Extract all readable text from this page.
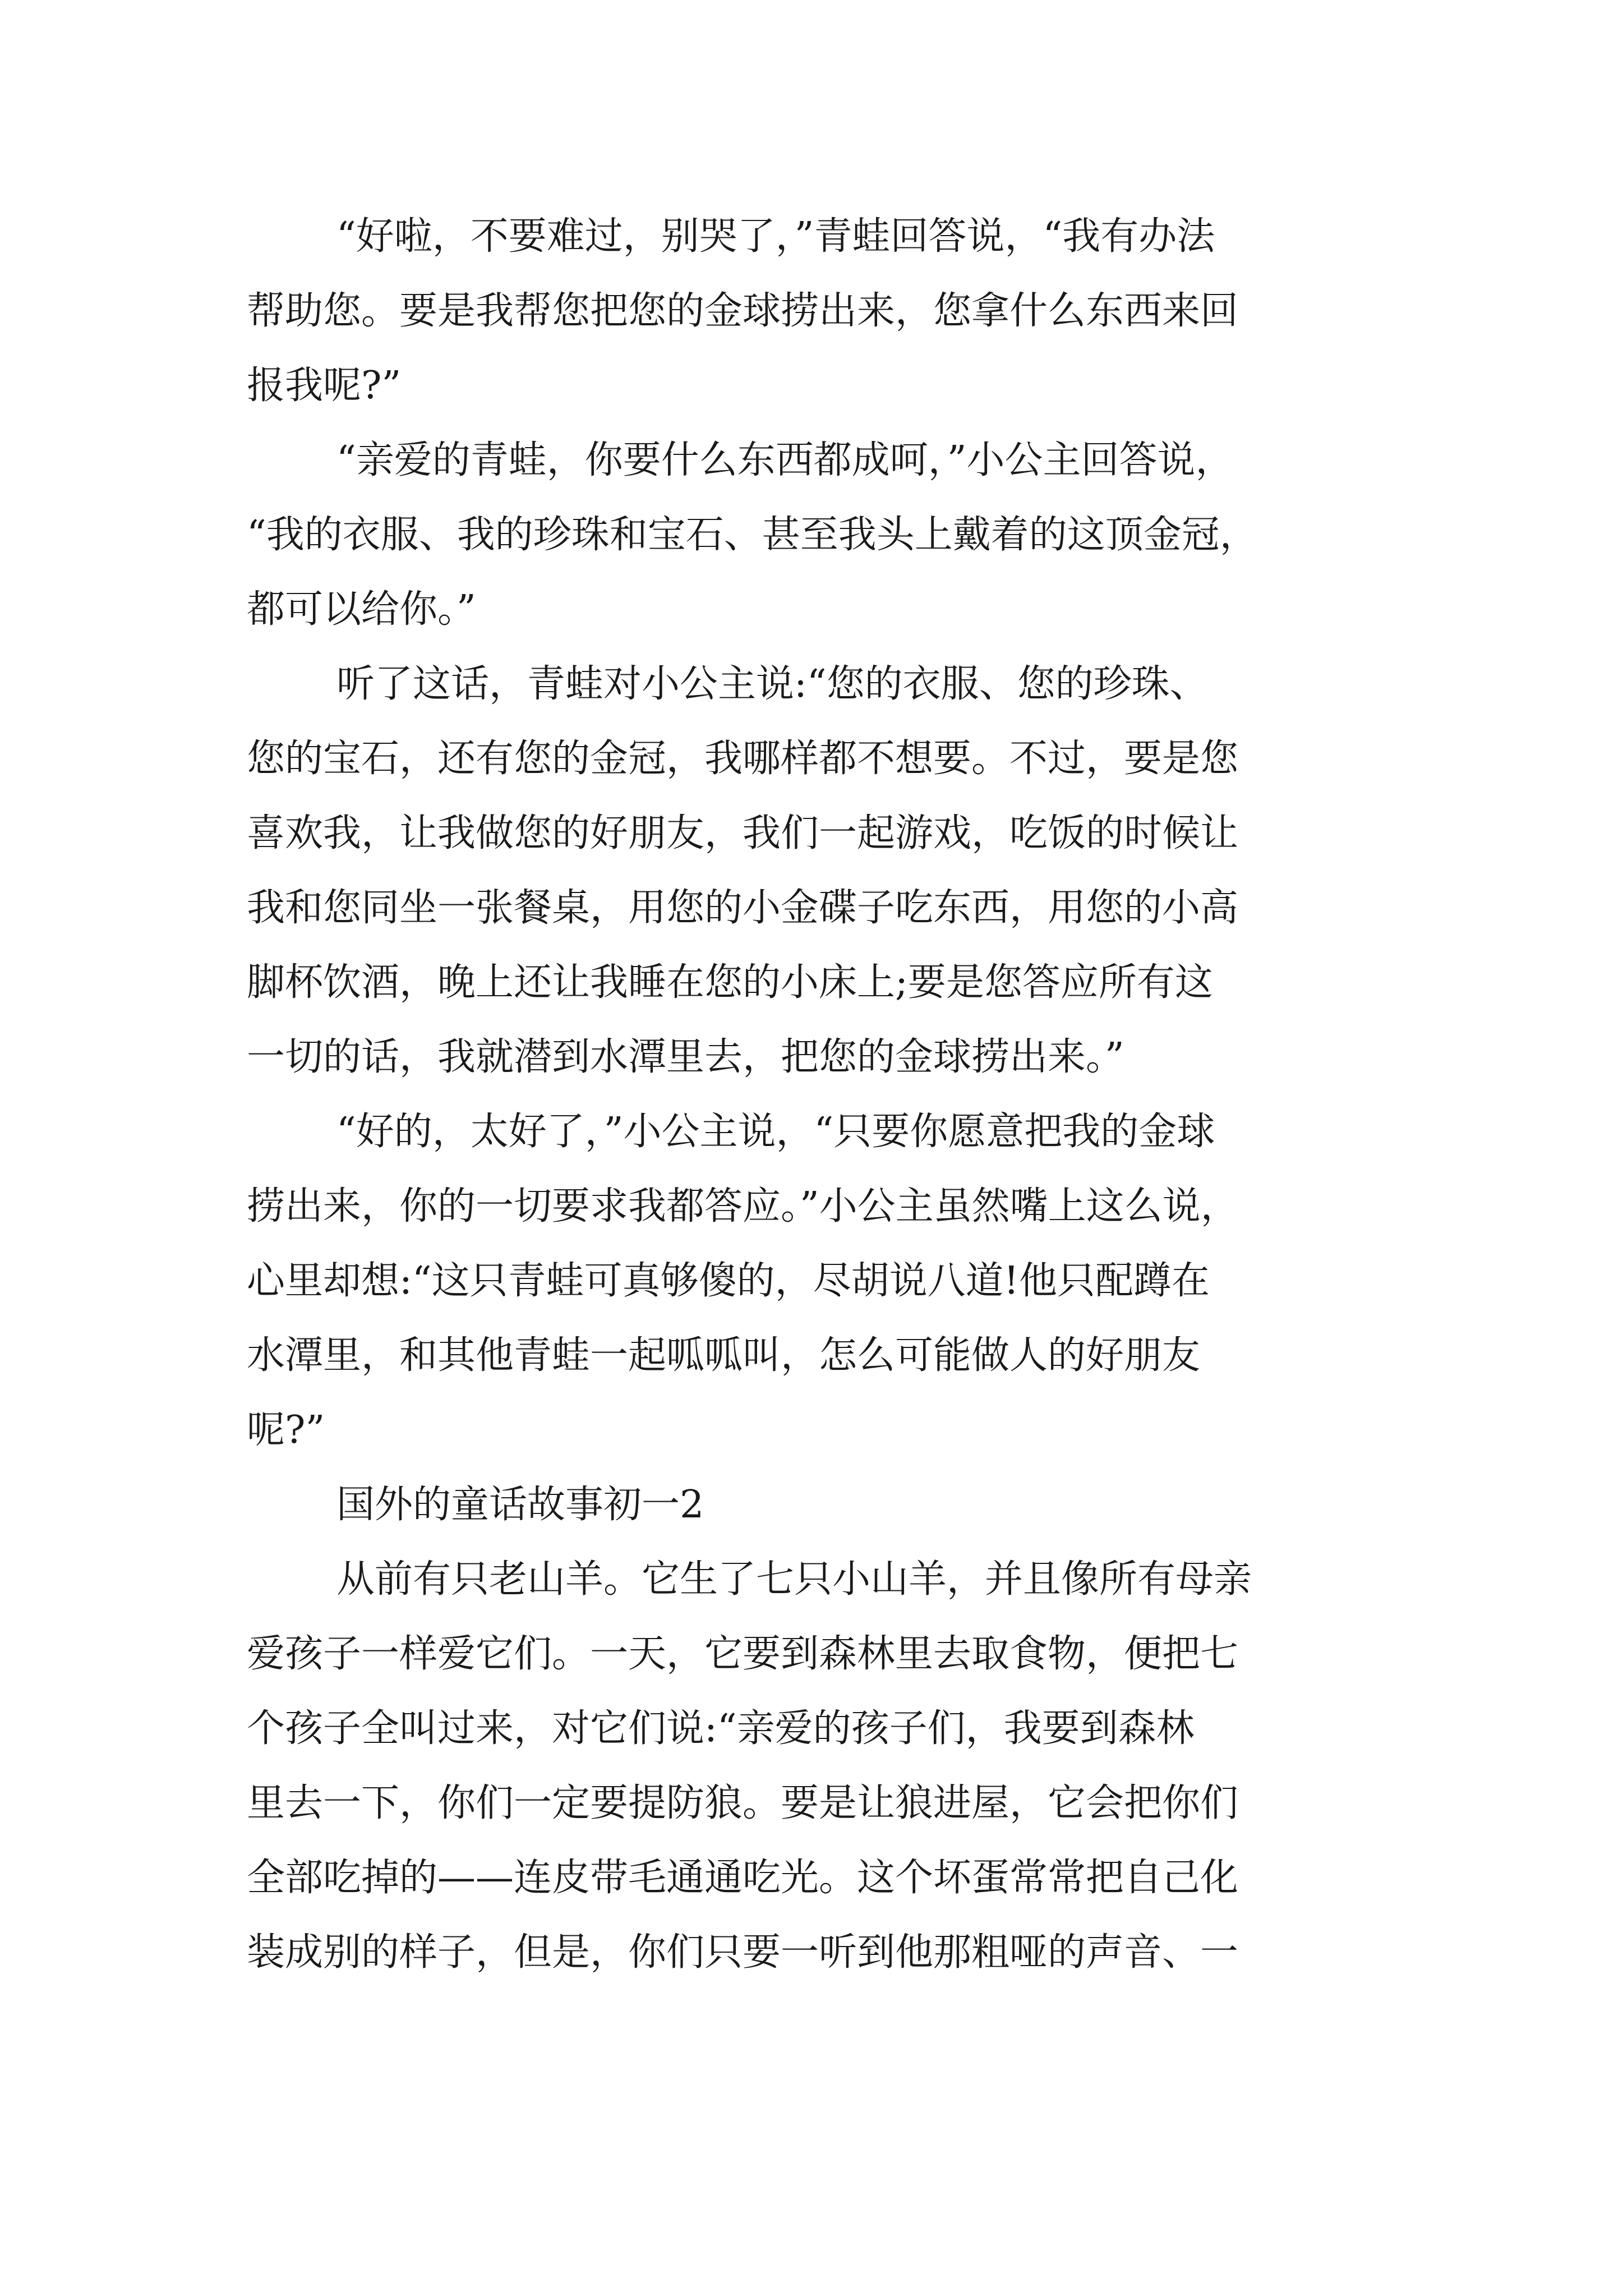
“好啦，不要难过，别哭了，”青蛙回答说，“我有办法
帮助您。要是我帮您把您的金球捞出来，您拿什么东西来回
报我呢?”

“亲爱的青蛙，你要什么东西都成呵，”小公主回答说，
“我的衣服、我的珍珠和宝石、甚至我头上戴着的这顶金冠，
都可以给你。”

听了这话，青蛙对小公主说:“您的衣服、您的珍珠、
您的宝石，还有您的金冠，我哪样都不想要。不过，要是您
喜欢我，让我做您的好朋友，我们一起游戏，吃饭的时候让
我和您同坐一张餐桌，用您的小金碟子吃东西，用您的小高
脚杯饮酒，晚上还让我睡在您的小床上;要是您答应所有这
一切的话，我就潜到水潭里去，把您的金球捞出来。”

“好的，太好了，”小公主说，“只要你愿意把我的金球
捞出来，你的一切要求我都答应。”小公主虽然嘴上这么说，
心里却想:“这只青蛙可真够傻的，尽胡说八道!他只配蹲在
水潭里，和其他青蛙一起呱呱叫，怎么可能做人的好朋友
呢?”

国外的童话故事初一2

从前有只老山羊。它生了七只小山羊，并且像所有母亲
爱孩子一样爱它们。一天，它要到森林里去取食物，便把七
个孩子全叫过来，对它们说:“亲爱的孩子们，我要到森林
里去一下，你们一定要提防狼。要是让狼进屋，它会把你们
全部吃掉的——连皮带毛通通吃光。这个坏蛋常常把自己化
装成别的样子，但是，你们只要一听到他那粗哑的声音、一
